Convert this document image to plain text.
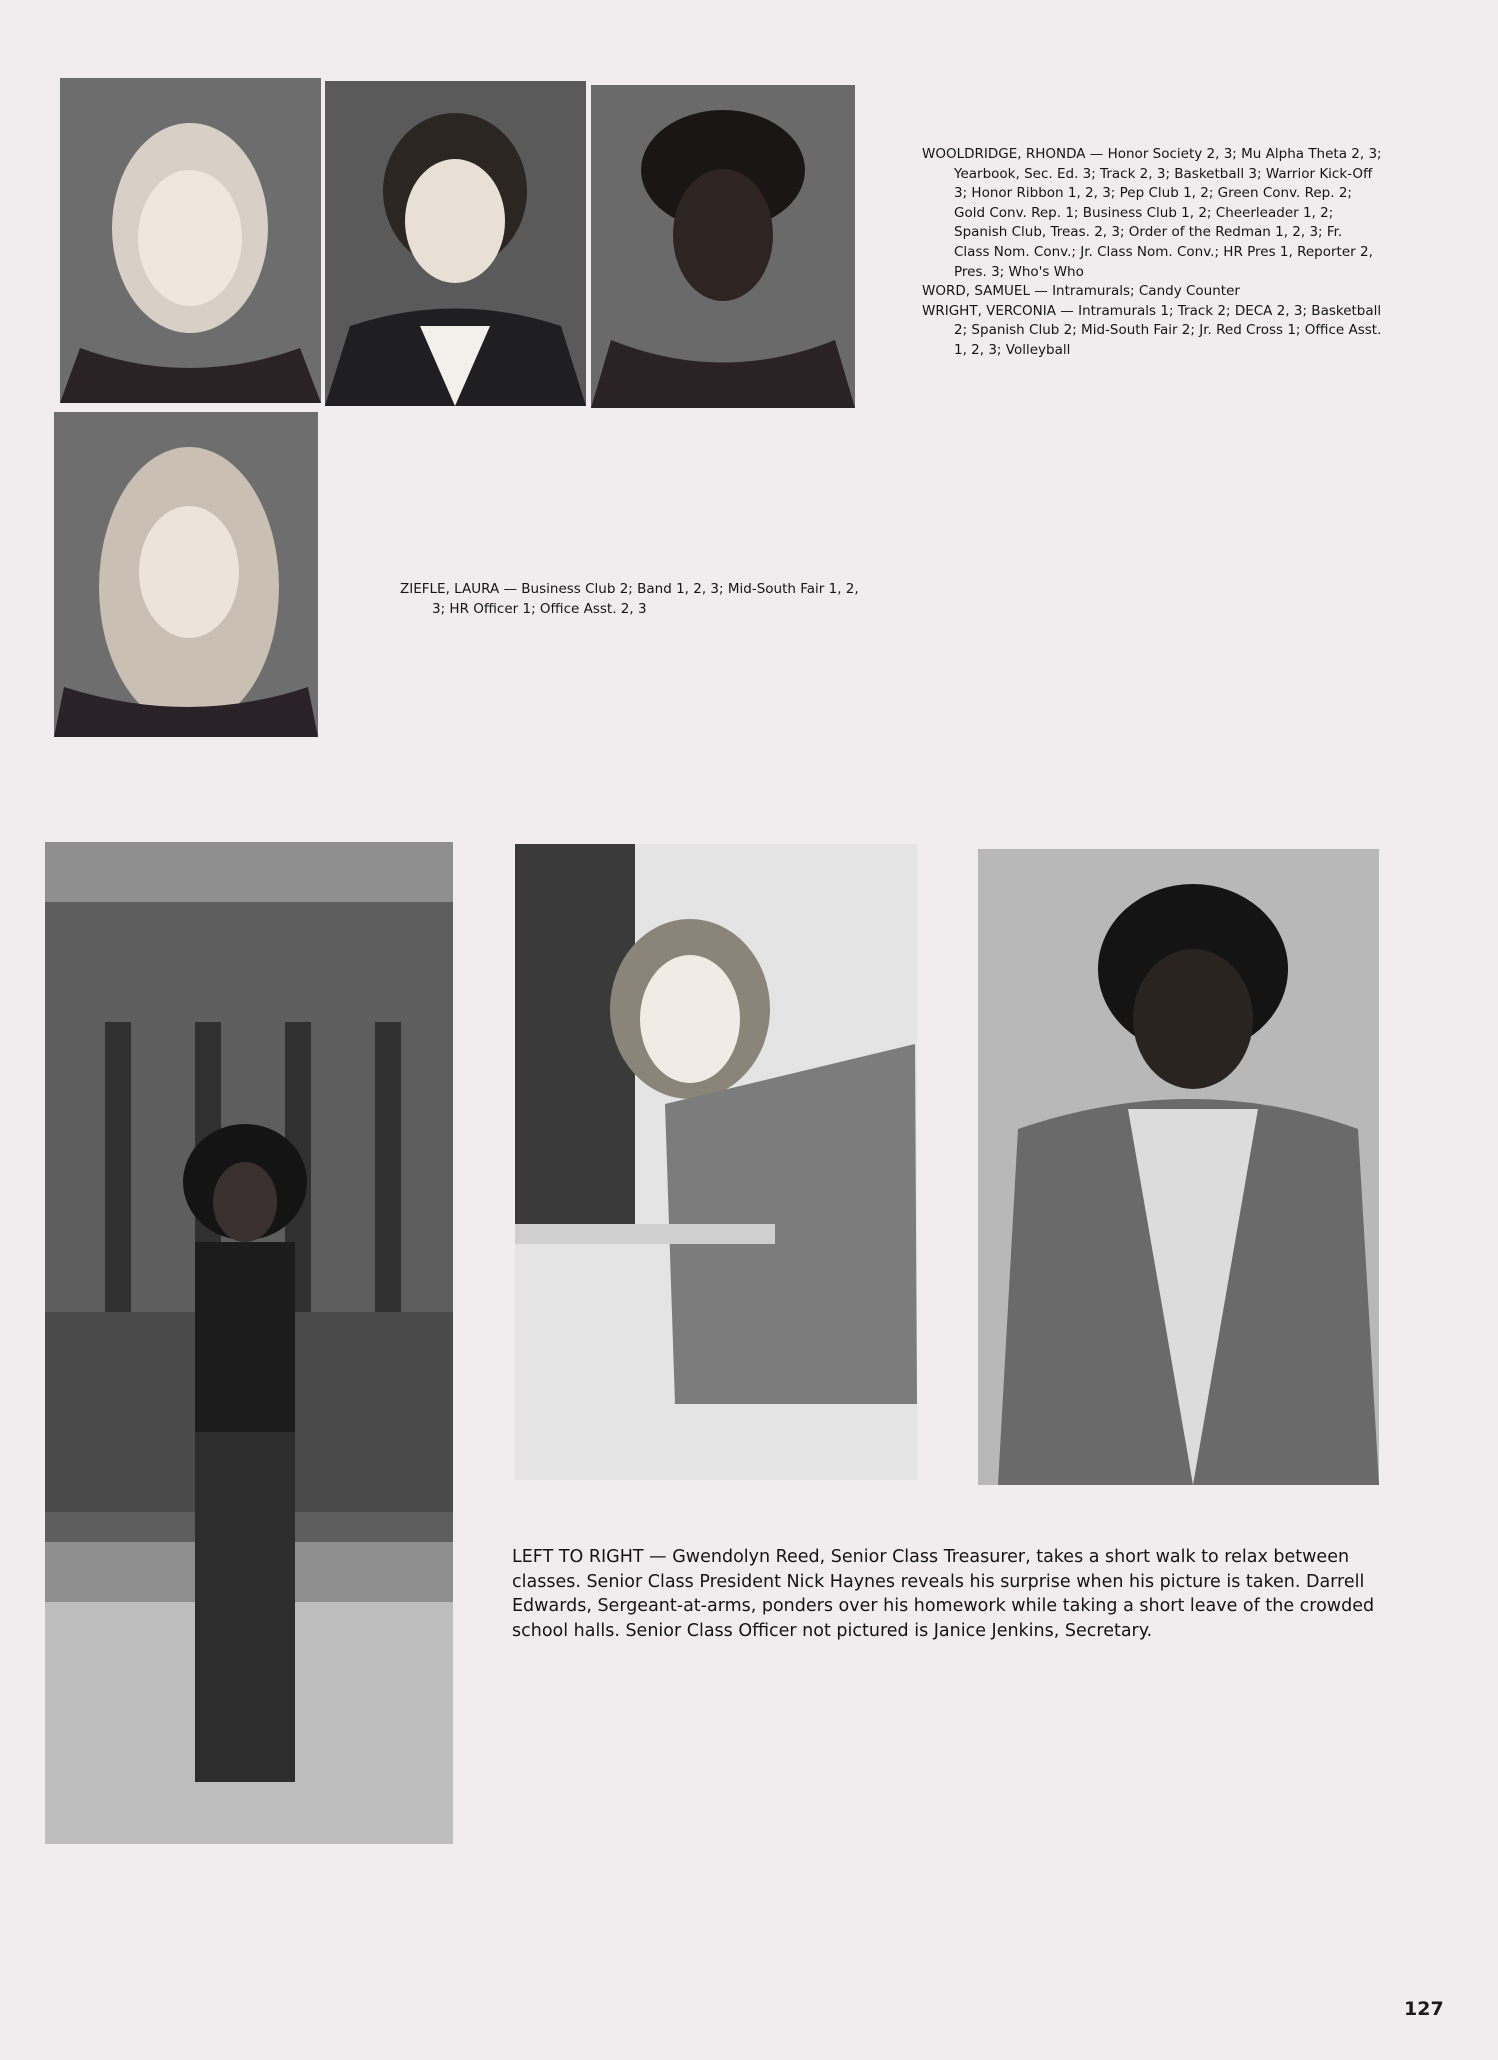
WOOLDRIDGE, RHONDA — Honor Society 2, 3; Mu Alpha Theta 2, 3; Yearbook, Sec. Ed. 3; Track 2, 3; Basketball 3; Warrior Kick-Off 3; Honor Ribbon 1, 2, 3; Pep Club 1, 2; Green Conv. Rep. 2; Gold Conv. Rep. 1; Business Club 1, 2; Cheerleader 1, 2; Spanish Club, Treas. 2, 3; Order of the Redman 1, 2, 3; Fr. Class Nom. Conv.; Jr. Class Nom. Conv.; HR Pres 1, Reporter 2, Pres. 3; Who's Who

WORD, SAMUEL — Intramurals; Candy Counter

WRIGHT, VERCONIA — Intramurals 1; Track 2; DECA 2, 3; Basketball 2; Spanish Club 2; Mid-South Fair 2; Jr. Red Cross 1; Office Asst. 1, 2, 3; Volleyball

ZIEFLE, LAURA — Business Club 2; Band 1, 2, 3; Mid-South Fair 1, 2, 3; HR Officer 1; Office Asst. 2, 3

LEFT TO RIGHT — Gwendolyn Reed, Senior Class Treasurer, takes a short walk to relax between classes. Senior Class President Nick Haynes reveals his surprise when his picture is taken. Darrell Edwards, Sergeant-at-arms, ponders over his homework while taking a short leave of the crowded school halls. Senior Class Officer not pictured is Janice Jenkins, Secretary.
127
